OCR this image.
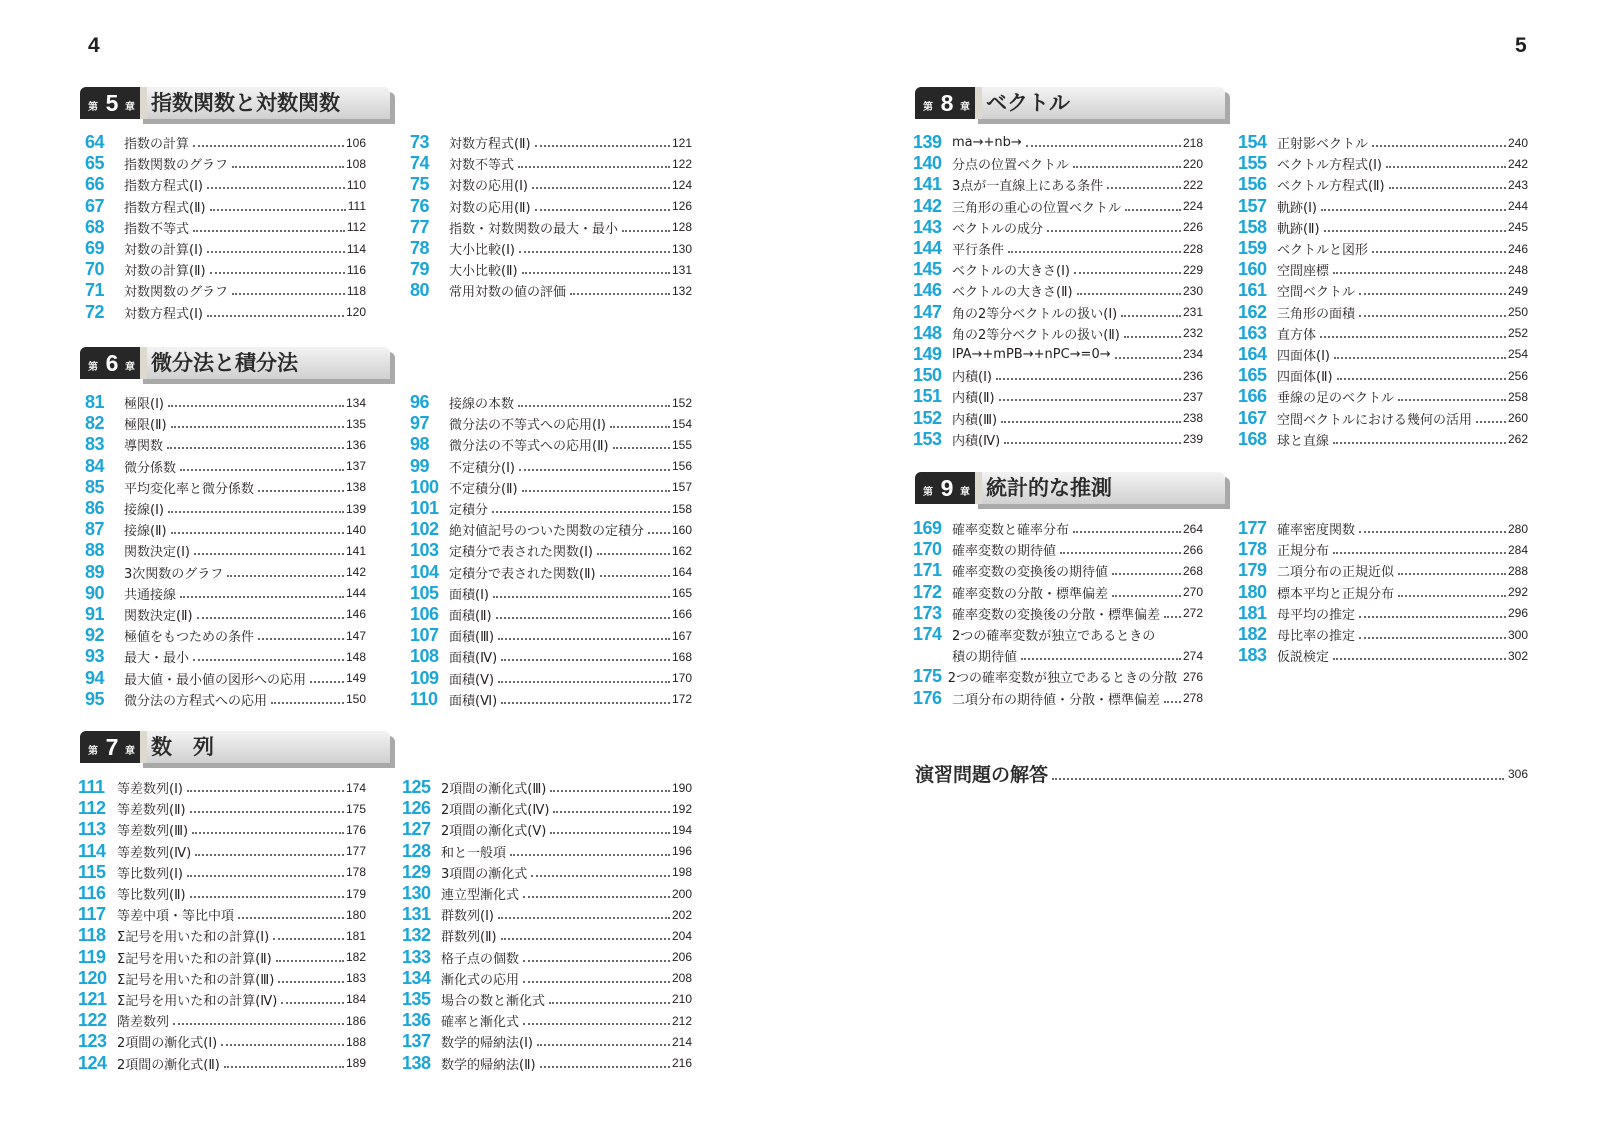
4	5
第 5 章 指数関数と対数関数
64	指数の計算	106
65	指数関数のグラフ	108
66	指数方程式(Ⅰ)	110
67	指数方程式(Ⅱ)	111
68	指数不等式	112
69	対数の計算(Ⅰ)	114
70	対数の計算(Ⅱ)	116
71	対数関数のグラフ	118
72	対数方程式(Ⅰ)	120
73	対数方程式(Ⅱ)	121
74	対数不等式	122
75	対数の応用(Ⅰ)	124
76	対数の応用(Ⅱ)	126
77	指数・対数関数の最大・最小	128
78	大小比較(Ⅰ)	130
79	大小比較(Ⅱ)	131
80	常用対数の値の評価	132
第 6 章 微分法と積分法
81	極限(Ⅰ)	134
82	極限(Ⅱ)	135
83	導関数	136
84	微分係数	137
85	平均変化率と微分係数	138
86	接線(Ⅰ)	139
87	接線(Ⅱ)	140
88	関数決定(Ⅰ)	141
89	3次関数のグラフ	142
90	共通接線	144
91	関数決定(Ⅱ)	146
92	極値をもつための条件	147
93	最大・最小	148
94	最大値・最小値の図形への応用	149
95	微分法の方程式への応用	150
96	接線の本数	152
97	微分法の不等式への応用(Ⅰ)	154
98	微分法の不等式への応用(Ⅱ)	155
99	不定積分(Ⅰ)	156
100 不定積分(Ⅱ)	157
101 定積分	158
102 絶対値記号のついた関数の定積分 160
103 定積分で表された関数(Ⅰ)	162
104 定積分で表された関数(Ⅱ)	164
105 面積(Ⅰ)	165
106 面積(Ⅱ)	166
107 面積(Ⅲ)	167
108 面積(Ⅳ)	168
109 面積(Ⅴ)	170
110 面積(Ⅵ)	172
第 7 章 数　列
111 等差数列(Ⅰ)	174
112 等差数列(Ⅱ)	175
113 等差数列(Ⅲ)	176
114 等差数列(Ⅳ)	177
115 等比数列(Ⅰ)	178
116 等比数列(Ⅱ)	179
117 等差中項・等比中項	180
118 Σ記号を用いた和の計算(Ⅰ)	181
119 Σ記号を用いた和の計算(Ⅱ)	182
120 Σ記号を用いた和の計算(Ⅲ)	183
121 Σ記号を用いた和の計算(Ⅳ)	184
122 階差数列	186
123 2項間の漸化式(Ⅰ)	188
124 2項間の漸化式(Ⅱ)	189
125 2項間の漸化式(Ⅲ)	190
126 2項間の漸化式(Ⅳ)	192
127 2項間の漸化式(Ⅴ)	194
128 和と一般項	196
129 3項間の漸化式	198
130 連立型漸化式	200
131 群数列(Ⅰ)	202
132 群数列(Ⅱ)	204
133 格子点の個数	206
134 漸化式の応用	208
135 場合の数と漸化式	210
136 確率と漸化式	212
137 数学的帰納法(Ⅰ)	214
138 数学的帰納法(Ⅱ)	216
第 8 章 ベクトル
139 ma→+nb→	218
140 分点の位置ベクトル	220
141 3点が一直線上にある条件	222
142 三角形の重心の位置ベクトル	224
143 ベクトルの成分	226
144 平行条件	228
145 ベクトルの大きさ(Ⅰ)	229
146 ベクトルの大きさ(Ⅱ)	230
147 角の2等分ベクトルの扱い(Ⅰ)	231
148 角の2等分ベクトルの扱い(Ⅱ)	232
149 lPA→+mPB→+nPC→=0→	234
150 内積(Ⅰ)	236
151 内積(Ⅱ)	237
152 内積(Ⅲ)	238
153 内積(Ⅳ)	239
154 正射影ベクトル	240
155 ベクトル方程式(Ⅰ)	242
156 ベクトル方程式(Ⅱ)	243
157 軌跡(Ⅰ)	244
158 軌跡(Ⅱ)	245
159 ベクトルと図形	246
160 空間座標	248
161 空間ベクトル	249
162 三角形の面積	250
163 直方体	252
164 四面体(Ⅰ)	254
165 四面体(Ⅱ)	256
166 垂線の足のベクトル	258
167 空間ベクトルにおける幾何の活用	260
168 球と直線	262
第 9 章 統計的な推測
169 確率変数と確率分布	264
170 確率変数の期待値	266
171 確率変数の変換後の期待値	268
172 確率変数の分散・標準偏差	270
173 確率変数の変換後の分散・標準偏差 272
174 2つの確率変数が独立であるときの
積の期待値	274
175 2つの確率変数が独立であるときの分散 276
176 二項分布の期待値・分散・標準偏差 278
177 確率密度関数	280
178 正規分布	284
179 二項分布の正規近似	288
180 標本平均と正規分布	292
181 母平均の推定	296
182 母比率の推定	300
183 仮説検定	302
演習問題の解答	306
